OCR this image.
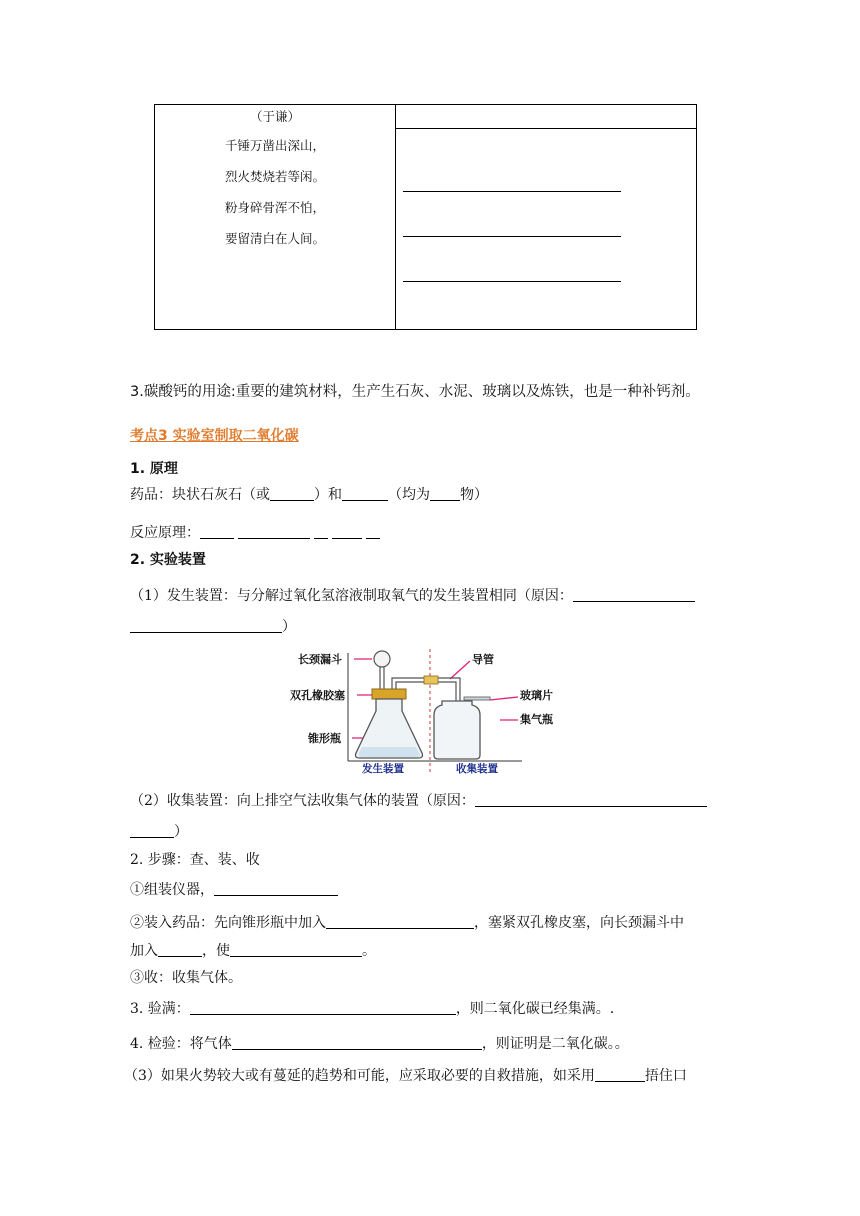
（于谦）
千锤万凿出深山，
烈火焚烧若等闲。
粉身碎骨浑不怕，
要留清白在人间。
3.碳酸钙的用途:重要的建筑材料，生产生石灰、水泥、玻璃以及炼铁，也是一种补钙剂。
考点3 实验室制取二氧化碳
1. 原理
药品：块状石灰石（或	）和	（均为 物）
反应原理：
2. 实验装置
（1）发生装置：与分解过氧化氢溶液制取氧气的发生装置相同（原因：
）
长颈漏斗
双孔橡胶塞
锥形瓶
导管
玻璃片
集气瓶
发生装置	收集装置
（2）收集装置：向上排空气法收集气体的装置（原因：
）
2. 步骤：查、装、收
①组装仪器，
②装入药品：先向锥形瓶中加入	，塞紧双孔橡皮塞，向长颈漏斗中
加入	，使	。
③收：收集气体。
3. 验满：	，则二氧化碳已经集满。.
4. 检验：将气体	，则证明是二氧化碳。。
（3）如果火势较大或有蔓延的趋势和可能，应采取必要的自救措施，如采用	捂住口
